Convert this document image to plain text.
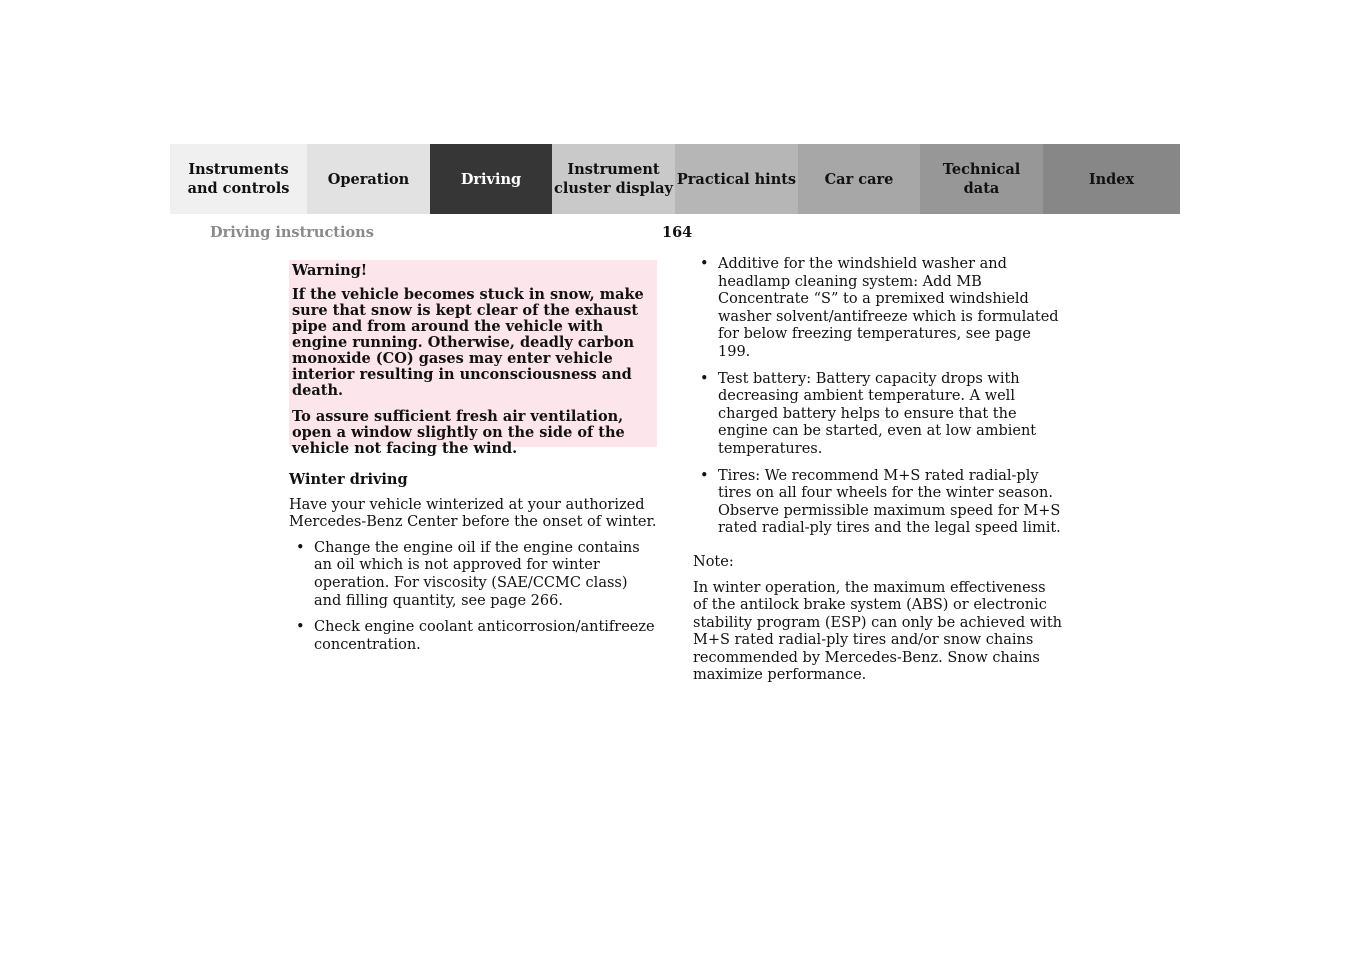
Instruments
and controls
Operation	Driving
Instrument
cluster display
Practical hints	Car care
Technical
data
Index
Driving instructions	164

Warning!

If the vehicle becomes stuck in snow, make sure that snow is kept clear of the exhaust pipe and from around the vehicle with engine running. Otherwise, deadly carbon monoxide (CO) gases may enter vehicle interior resulting in unconsciousness and death.

To assure sufficient fresh air ventilation, open a window slightly on the side of the vehicle not facing the wind.

Winter driving

Have your vehicle winterized at your authorized Mercedes-Benz Center before the onset of winter.

• Change the engine oil if the engine contains an oil which is not approved for winter operation. For viscosity (SAE/CCMC class) and filling quantity, see page 266.
• Check engine coolant anticorrosion/antifreeze concentration.
• Additive for the windshield washer and headlamp cleaning system: Add MB Concentrate “S” to a premixed windshield washer solvent/antifreeze which is formulated for below freezing temperatures, see page 199.
• Test battery: Battery capacity drops with decreasing ambient temperature. A well charged battery helps to ensure that the engine can be started, even at low ambient temperatures.
• Tires: We recommend M+S rated radial-ply tires on all four wheels for the winter season. Observe permissible maximum speed for M+S rated radial-ply tires and the legal speed limit.

Note:

In winter operation, the maximum effectiveness of the antilock brake system (ABS) or electronic stability program (ESP) can only be achieved with M+S rated radial-ply tires and/or snow chains recommended by Mercedes-Benz. Snow chains maximize performance.
